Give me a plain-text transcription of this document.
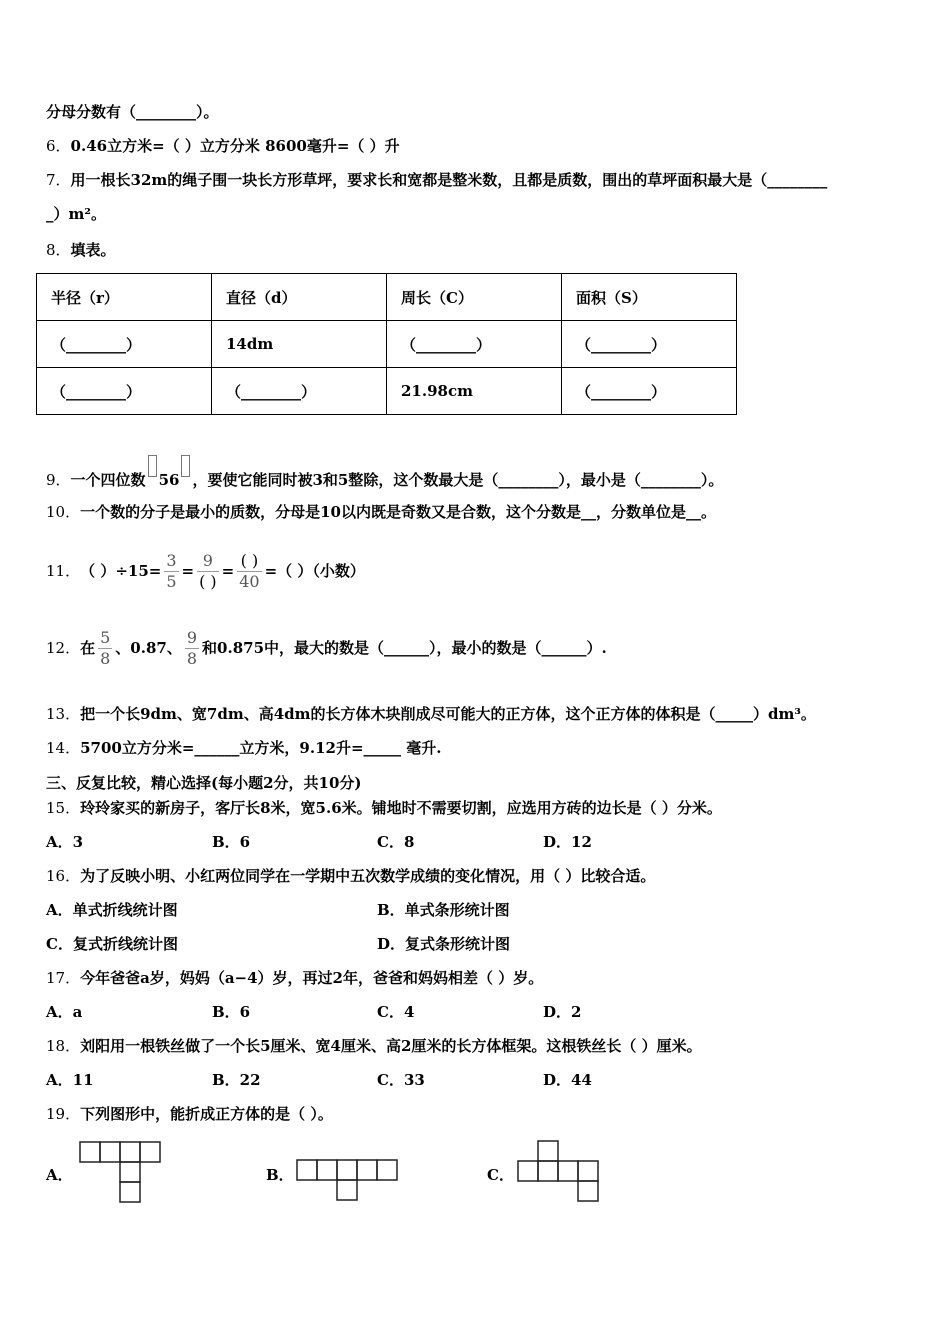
分母分数有（________）。
6．0.46立方米=（ ）立方分米 8600毫升=（ ）升
7．用一根长32m的绳子围一块长方形草坪，要求长和宽都是整米数，且都是质数，围出的草坪面积最大是（________
_）m²。
8．填表。
半径（r）	直径（d）	周长（C）	面积（S）
（________）	14dm	（________）	（________）
（________）	（________）	21.98cm	（________）
9．一个四位数 56 ，要使它能同时被3和5整除，这个数最大是（________），最小是（________）。
10．一个数的分子是最小的质数，分母是10以内既是奇数又是合数，这个分数是__，分数单位是__。
11． （ ）$\div 15= \frac{3}{5} = \frac{9}{( )} = \frac{( )}{40}$ =（ ）（小数）
12． 在 $\frac{5}{8}$ 、0.87、 $\frac{9}{8}$ 和0.875中，最大的数是（______），最小的数是（______）.
13．把一个长9dm、宽7dm、高4dm的长方体木块削成尽可能大的正方体，这个正方体的体积是（_____）dm³。
14．5700立方分米=______立方米，9.12升=_____ 毫升.
三、反复比较，精心选择(每小题2分，共10分)
15．玲玲家买的新房子，客厅长8米，宽5.6米。铺地时不需要切割，应选用方砖的边长是（ ）分米。
A．3	B．6	C．8	D．12
16．为了反映小明、小红两位同学在一学期中五次数学成绩的变化情况，用（ ）比较合适。
A．单式折线统计图	B．单式条形统计图
C．复式折线统计图	D．复式条形统计图
17．今年爸爸a岁，妈妈（a−4）岁，再过2年，爸爸和妈妈相差（ ）岁。
A．a	B．6	C．4	D．2
18．刘阳用一根铁丝做了一个长5厘米、宽4厘米、高2厘米的长方体框架。这根铁丝长（ ）厘米。
A．11	B．22	C．33	D．44
19．下列图形中，能折成正方体的是（ ）。
A．	B．	C．
